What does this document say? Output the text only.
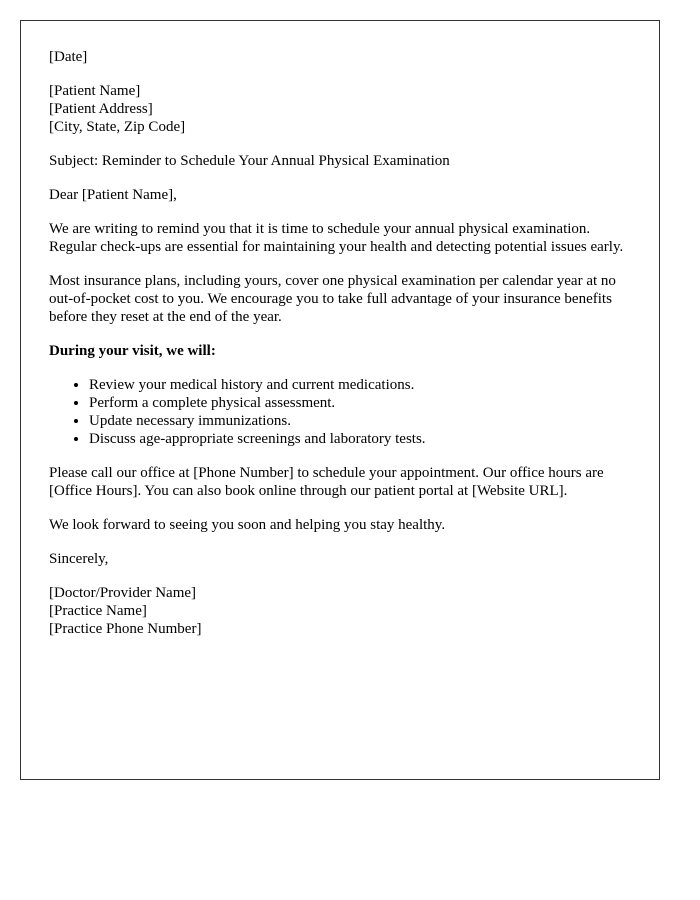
[Date]

[Patient Name]
[Patient Address]
[City, State, Zip Code]

Subject: Reminder to Schedule Your Annual Physical Examination

Dear [Patient Name],

We are writing to remind you that it is time to schedule your annual physical examination. Regular check-ups are essential for maintaining your health and detecting potential issues early.

Most insurance plans, including yours, cover one physical examination per calendar year at no out-of-pocket cost to you. We encourage you to take full advantage of your insurance benefits before they reset at the end of the year.

During your visit, we will:

• Review your medical history and current medications.
• Perform a complete physical assessment.
• Update necessary immunizations.
• Discuss age-appropriate screenings and laboratory tests.

Please call our office at [Phone Number] to schedule your appointment. Our office hours are [Office Hours]. You can also book online through our patient portal at [Website URL].

We look forward to seeing you soon and helping you stay healthy.

Sincerely,

[Doctor/Provider Name]
[Practice Name]
[Practice Phone Number]
